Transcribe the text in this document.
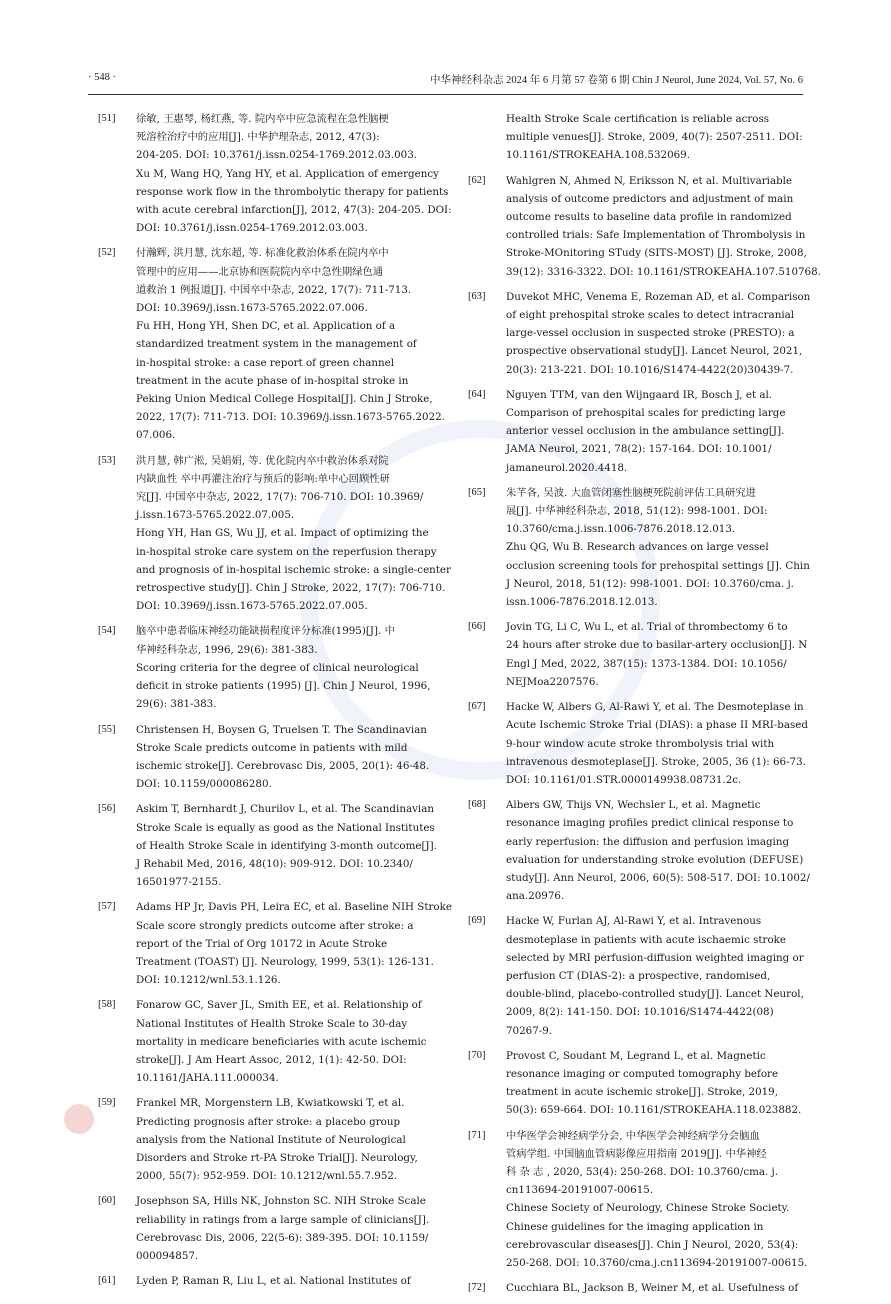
· 548 ·	中华神经科杂志 2024 年 6 月第 57 卷第 6 期 Chin J Neurol, June 2024, Vol. 57, No. 6
[51] 徐敏, 王惠琴, 杨红燕, 等. 院内卒中应急流程在急性脑梗
死溶栓治疗中的应用[J]. 中华护理杂志, 2012, 47(3):
204-205. DOI: 10.3761/j.issn.0254-1769.2012.03.003.
Xu M, Wang HQ, Yang HY, et al. Application of emergency
response work flow in the thrombolytic therapy for patients
with acute cerebral infarction[J], 2012, 47(3): 204-205. DOI:
DOI: 10.3761/j.issn.0254-1769.2012.03.003.
[52] 付瀚辉, 洪月慧, 沈东超, 等. 标准化救治体系在院内卒中
管理中的应用——北京协和医院院内卒中急性期绿色通
道救治 1 例报道[J]. 中国卒中杂志, 2022, 17(7): 711-713.
DOI: 10.3969/j.issn.1673-5765.2022.07.006.
Fu HH, Hong YH, Shen DC, et al. Application of a
standardized treatment system in the management of
in-hospital stroke: a case report of green channel
treatment in the acute phase of in-hospital stroke in
Peking Union Medical College Hospital[J]. Chin J Stroke,
2022, 17(7): 711-713. DOI: 10.3969/j.issn.1673-5765.2022.
07.006.
[53] 洪月慧, 韩广淞, 吴娟娟, 等. 优化院内卒中救治体系对院
内缺血性 卒中再灌注治疗与预后的影响:单中心回顾性研
究[J]. 中国卒中杂志, 2022, 17(7): 706-710. DOI: 10.3969/
j.issn.1673-5765.2022.07.005.
Hong YH, Han GS, Wu JJ, et al. Impact of optimizing the
in-hospital stroke care system on the reperfusion therapy
and prognosis of in-hospital ischemic stroke: a single-center
retrospective study[J]. Chin J Stroke, 2022, 17(7): 706-710.
DOI: 10.3969/j.issn.1673-5765.2022.07.005.
[54] 脑卒中患者临床神经功能缺损程度评分标准(1995)[J]. 中
华神经科杂志, 1996, 29(6): 381-383.
Scoring criteria for the degree of clinical neurological
deficit in stroke patients (1995) [J]. Chin J Neurol, 1996,
29(6): 381-383.
[55] Christensen H, Boysen G, Truelsen T. The Scandinavian
Stroke Scale predicts outcome in patients with mild
ischemic stroke[J]. Cerebrovasc Dis, 2005, 20(1): 46-48.
DOI: 10.1159/000086280.
[56] Askim T, Bernhardt J, Churilov L, et al. The Scandinavian
Stroke Scale is equally as good as the National Institutes
of Health Stroke Scale in identifying 3-month outcome[J].
J Rehabil Med, 2016, 48(10): 909-912. DOI: 10.2340/
16501977-2155.
[57] Adams HP Jr, Davis PH, Leira EC, et al. Baseline NIH Stroke
Scale score strongly predicts outcome after stroke: a
report of the Trial of Org 10172 in Acute Stroke
Treatment (TOAST) [J]. Neurology, 1999, 53(1): 126-131.
DOI: 10.1212/wnl.53.1.126.
[58] Fonarow GC, Saver JL, Smith EE, et al. Relationship of
National Institutes of Health Stroke Scale to 30-day
mortality in medicare beneficiaries with acute ischemic
stroke[J]. J Am Heart Assoc, 2012, 1(1): 42-50. DOI:
10.1161/JAHA.111.000034.
[59] Frankel MR, Morgenstern LB, Kwiatkowski T, et al.
Predicting prognosis after stroke: a placebo group
analysis from the National Institute of Neurological
Disorders and Stroke rt-PA Stroke Trial[J]. Neurology,
2000, 55(7): 952-959. DOI: 10.1212/wnl.55.7.952.
[60] Josephson SA, Hills NK, Johnston SC. NIH Stroke Scale
reliability in ratings from a large sample of clinicians[J].
Cerebrovasc Dis, 2006, 22(5-6): 389-395. DOI: 10.1159/
000094857.
[61] Lyden P, Raman R, Liu L, et al. National Institutes of
Health Stroke Scale certification is reliable across
multiple venues[J]. Stroke, 2009, 40(7): 2507-2511. DOI:
10.1161/STROKEAHA.108.532069.
[62] Wahlgren N, Ahmed N, Eriksson N, et al. Multivariable
analysis of outcome predictors and adjustment of main
outcome results to baseline data profile in randomized
controlled trials: Safe Implementation of Thrombolysis in
Stroke-MOnitoring STudy (SITS-MOST) [J]. Stroke, 2008,
39(12): 3316-3322. DOI: 10.1161/STROKEAHA.107.510768.
[63] Duvekot MHC, Venema E, Rozeman AD, et al. Comparison
of eight prehospital stroke scales to detect intracranial
large-vessel occlusion in suspected stroke (PRESTO): a
prospective observational study[J]. Lancet Neurol, 2021,
20(3): 213-221. DOI: 10.1016/S1474-4422(20)30439-7.
[64] Nguyen TTM, van den Wijngaard IR, Bosch J, et al.
Comparison of prehospital scales for predicting large
anterior vessel occlusion in the ambulance setting[J].
JAMA Neurol, 2021, 78(2): 157-164. DOI: 10.1001/
jamaneurol.2020.4418.
[65] 朱芊各, 吴波. 大血管闭塞性脑梗死院前评估工具研究进
展[J]. 中华神经科杂志, 2018, 51(12): 998-1001. DOI:
10.3760/cma.j.issn.1006-7876.2018.12.013.
Zhu QG, Wu B. Research advances on large vessel
occlusion screening tools for prehospital settings [J]. Chin
J Neurol, 2018, 51(12): 998-1001. DOI: 10.3760/cma. j.
issn.1006-7876.2018.12.013.
[66] Jovin TG, Li C, Wu L, et al. Trial of thrombectomy 6 to
24 hours after stroke due to basilar-artery occlusion[J]. N
Engl J Med, 2022, 387(15): 1373-1384. DOI: 10.1056/
NEJMoa2207576.
[67] Hacke W, Albers G, Al-Rawi Y, et al. The Desmoteplase in
Acute Ischemic Stroke Trial (DIAS): a phase II MRI-based
9-hour window acute stroke thrombolysis trial with
intravenous desmoteplase[J]. Stroke, 2005, 36 (1): 66-73.
DOI: 10.1161/01.STR.0000149938.08731.2c.
[68] Albers GW, Thijs VN, Wechsler L, et al. Magnetic
resonance imaging profiles predict clinical response to
early reperfusion: the diffusion and perfusion imaging
evaluation for understanding stroke evolution (DEFUSE)
study[J]. Ann Neurol, 2006, 60(5): 508-517. DOI: 10.1002/
ana.20976.
[69] Hacke W, Furlan AJ, Al-Rawi Y, et al. Intravenous
desmoteplase in patients with acute ischaemic stroke
selected by MRI perfusion-diffusion weighted imaging or
perfusion CT (DIAS-2): a prospective, randomised,
double-blind, placebo-controlled study[J]. Lancet Neurol,
2009, 8(2): 141-150. DOI: 10.1016/S1474-4422(08)
70267-9.
[70] Provost C, Soudant M, Legrand L, et al. Magnetic
resonance imaging or computed tomography before
treatment in acute ischemic stroke[J]. Stroke, 2019,
50(3): 659-664. DOI: 10.1161/STROKEAHA.118.023882.
[71] 中华医学会神经病学分会, 中华医学会神经病学分会脑血
管病学组. 中国脑血管病影像应用指南 2019[J]. 中华神经
科 杂 志 , 2020, 53(4): 250-268. DOI: 10.3760/cma. j.
cn113694-20191007-00615.
Chinese Society of Neurology, Chinese Stroke Society.
Chinese guidelines for the imaging application in
cerebrovascular diseases[J]. Chin J Neurol, 2020, 53(4):
250-268. DOI: 10.3760/cma.j.cn113694-20191007-00615.
[72] Cucchiara BL, Jackson B, Weiner M, et al. Usefulness of
